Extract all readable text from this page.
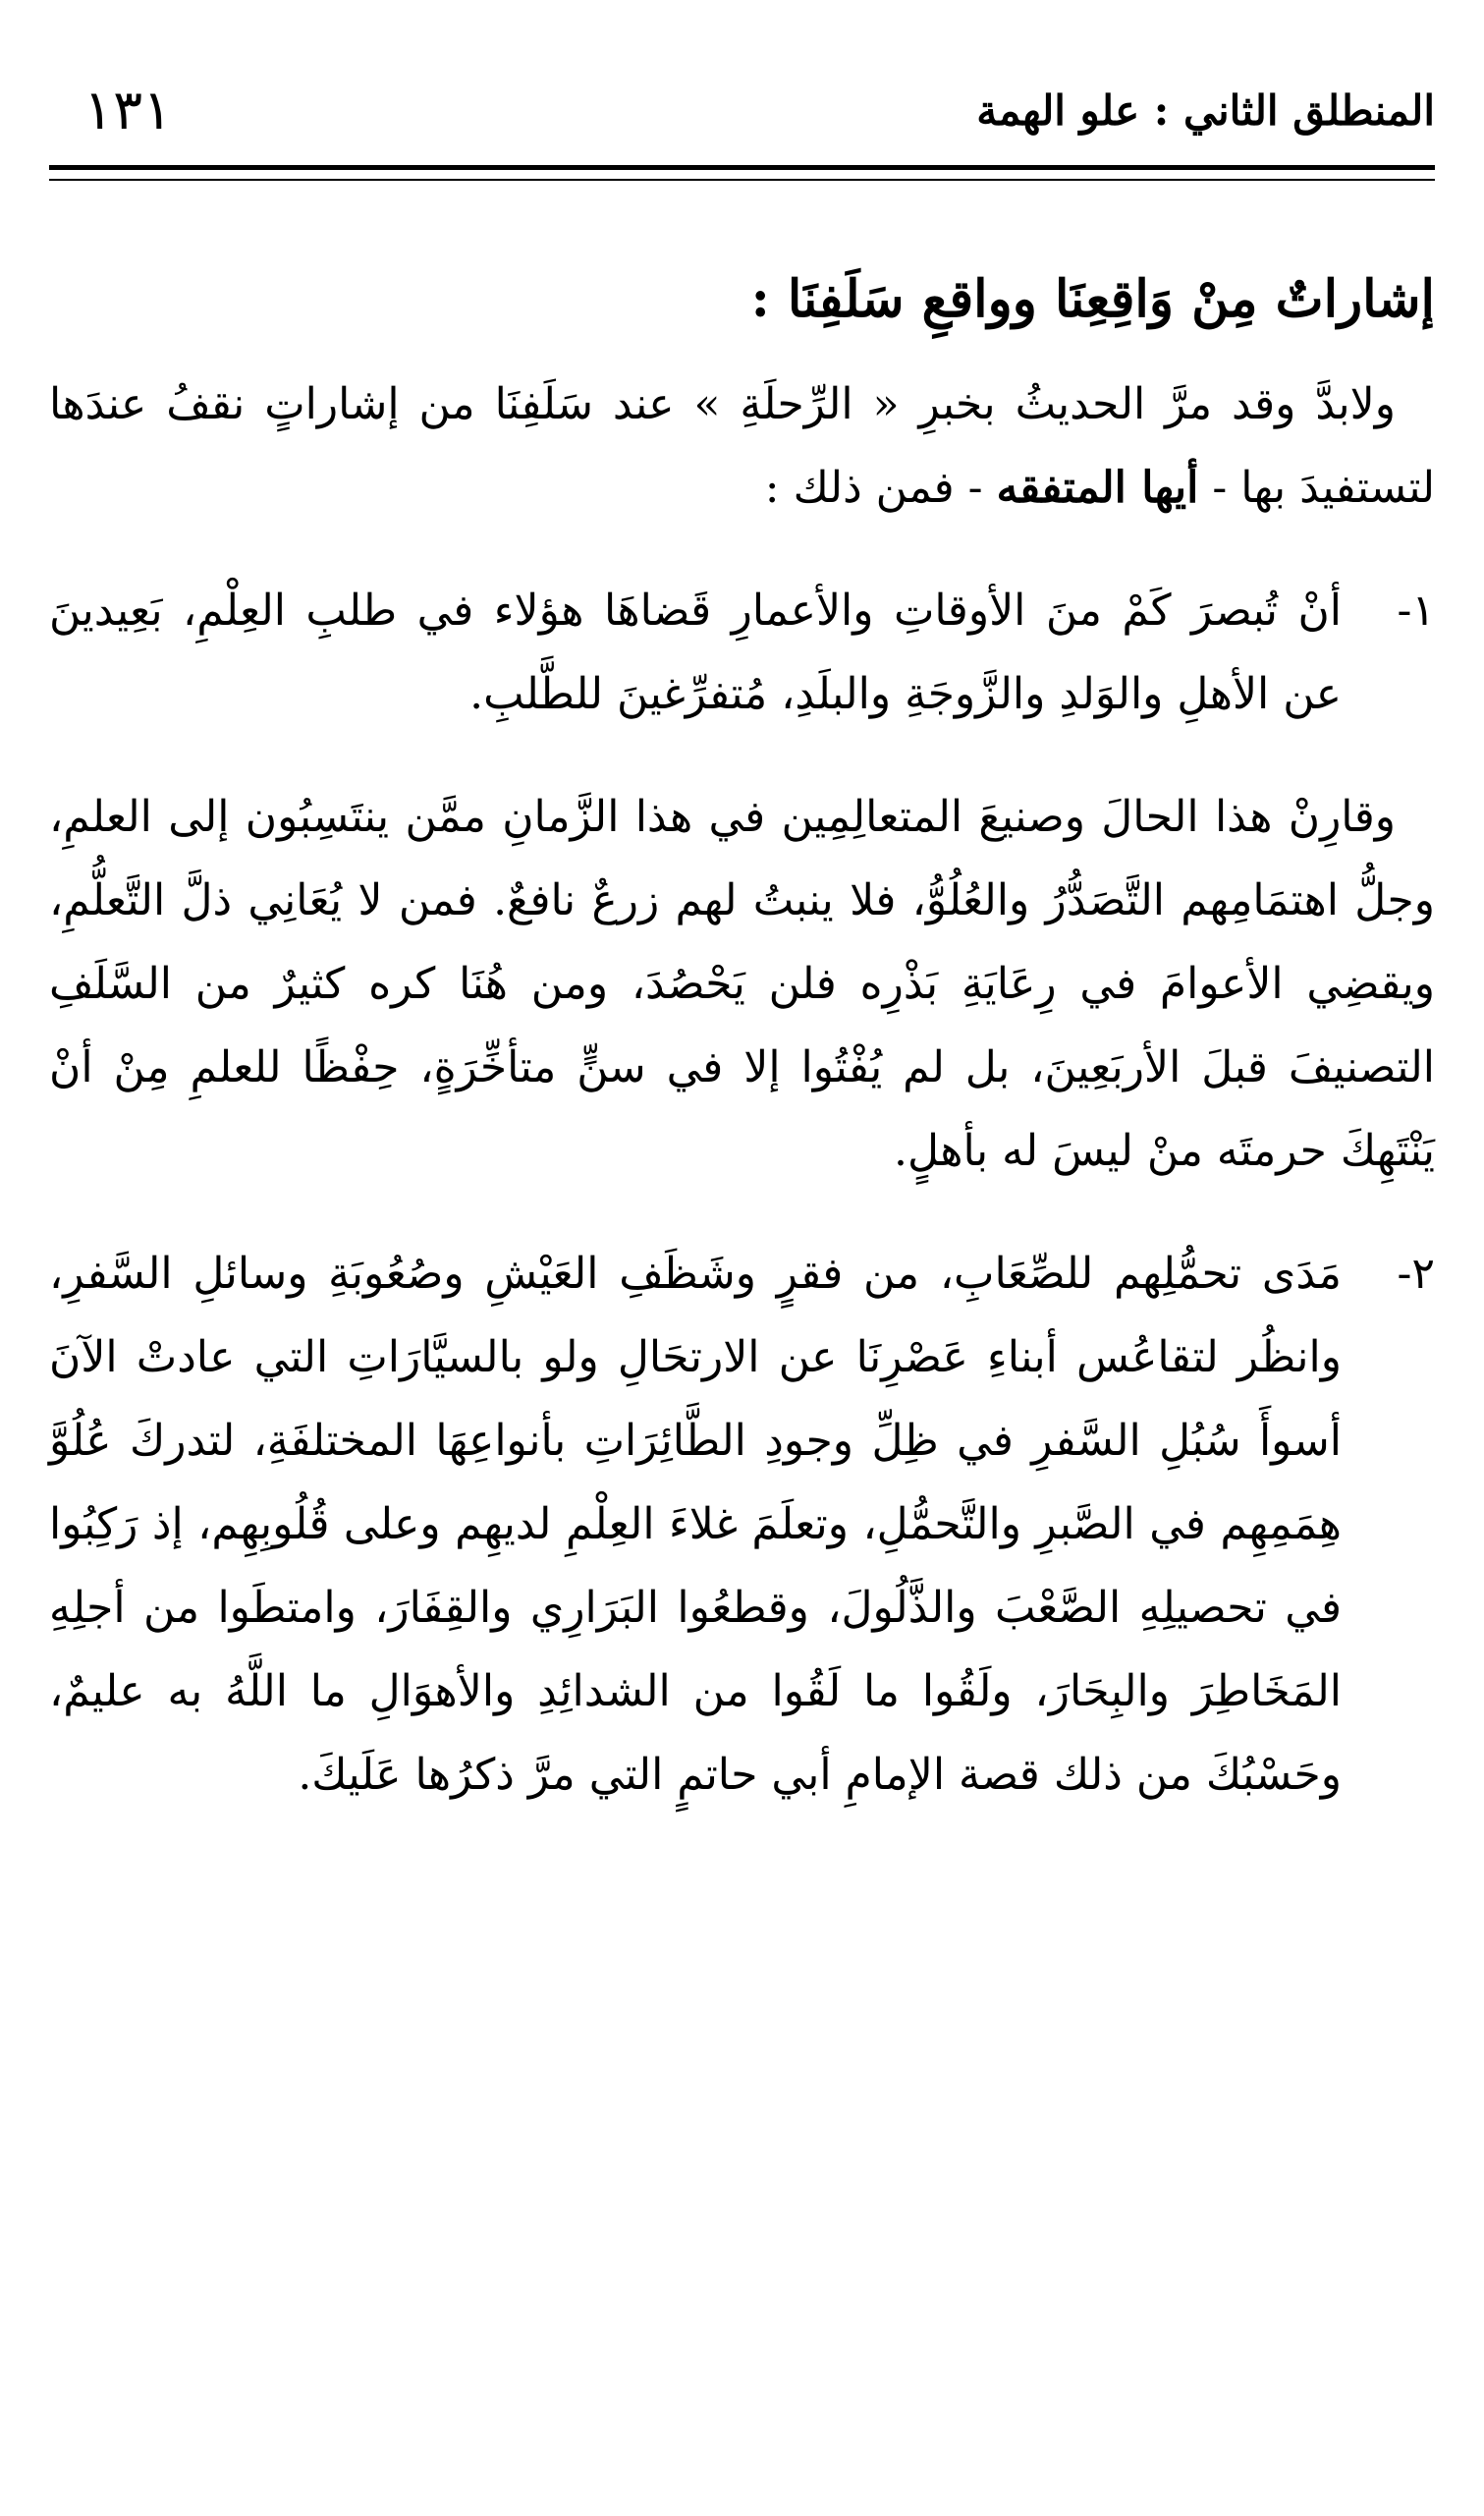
المنطلق الثاني : علو الهمة
١٣١
إشاراتٌ مِنْ وَاقِعِنَا وواقعِ سَلَفِنَا :

ولابدَّ وقد مرَّ الحديثُ بخبرِ « الرِّحلَةِ » عند سَلَفِنَا من إشاراتٍ نقفُ عندَها لتستفيدَ بها - أيها المتفقه - فمن ذلك :

١-
أنْ تُبصرَ كَمْ منَ الأوقاتِ والأعمارِ قَضاهَا هؤلاء في طلبِ العِلْمِ، بَعِيدينَ عن الأهلِ والوَلدِ والزَّوجَةِ والبلَدِ، مُتفرِّغينَ للطَّلبِ.

وقارِنْ هذا الحالَ وصنيعَ المتعالِمِين في هذا الزَّمانِ ممَّن ينتَسِبُون إلى العلمِ، وجلُّ اهتمَامِهم التَّصَدُّرُ والعُلُوُّ، فلا ينبتُ لهم زرعٌ نافعٌ. فمن لا يُعَانِي ذلَّ التَّعلُّمِ، ويقضِي الأعوامَ في رِعَايَةِ بَذْرِه فلن يَحْصُدَ، ومن هُنَا كره كثيرٌ من السَّلَفِ التصنيفَ قبلَ الأربَعِينَ، بل لم يُفْتُوا إلا في سنٍّ متأخِّرَةٍ، حِفْظًا للعلمِ مِنْ أنْ يَنْتَهِكَ حرمتَه منْ ليسَ له بأهلٍ.

٢-
مَدَى تحمُّلِهم للصِّعَابِ، من فقرٍ وشَظَفِ العَيْشِ وصُعُوبَةِ وسائلِ السَّفرِ، وانظُر لتقاعُس أبناءِ عَصْرِنَا عن الارتحَالِ ولو بالسيَّارَاتِ التي عادتْ الآنَ أسوأَ سُبُلِ السَّفرِ في ظِلِّ وجودِ الطَّائِرَاتِ بأنواعِهَا المختلفَةِ، لتدركَ عُلُوَّ هِمَمِهِم في الصَّبرِ والتَّحمُّلِ، وتعلَمَ غلاءَ العِلْمِ لديهِم وعلى قُلُوبِهِم، إذ رَكِبُوا في تحصيلِهِ الصَّعْبَ والذَّلُولَ، وقطعُوا البَرَارِي والقِفَارَ، وامتطَوا من أجلِهِ المَخَاطِرَ والبِحَارَ، ولَقُوا ما لَقُوا من الشدائِدِ والأهوَالِ ما اللَّهُ به عليمٌ، وحَسْبُكَ من ذلك قصة الإمامِ أبي حاتمٍ التي مرَّ ذكرُها عَلَيكَ.
